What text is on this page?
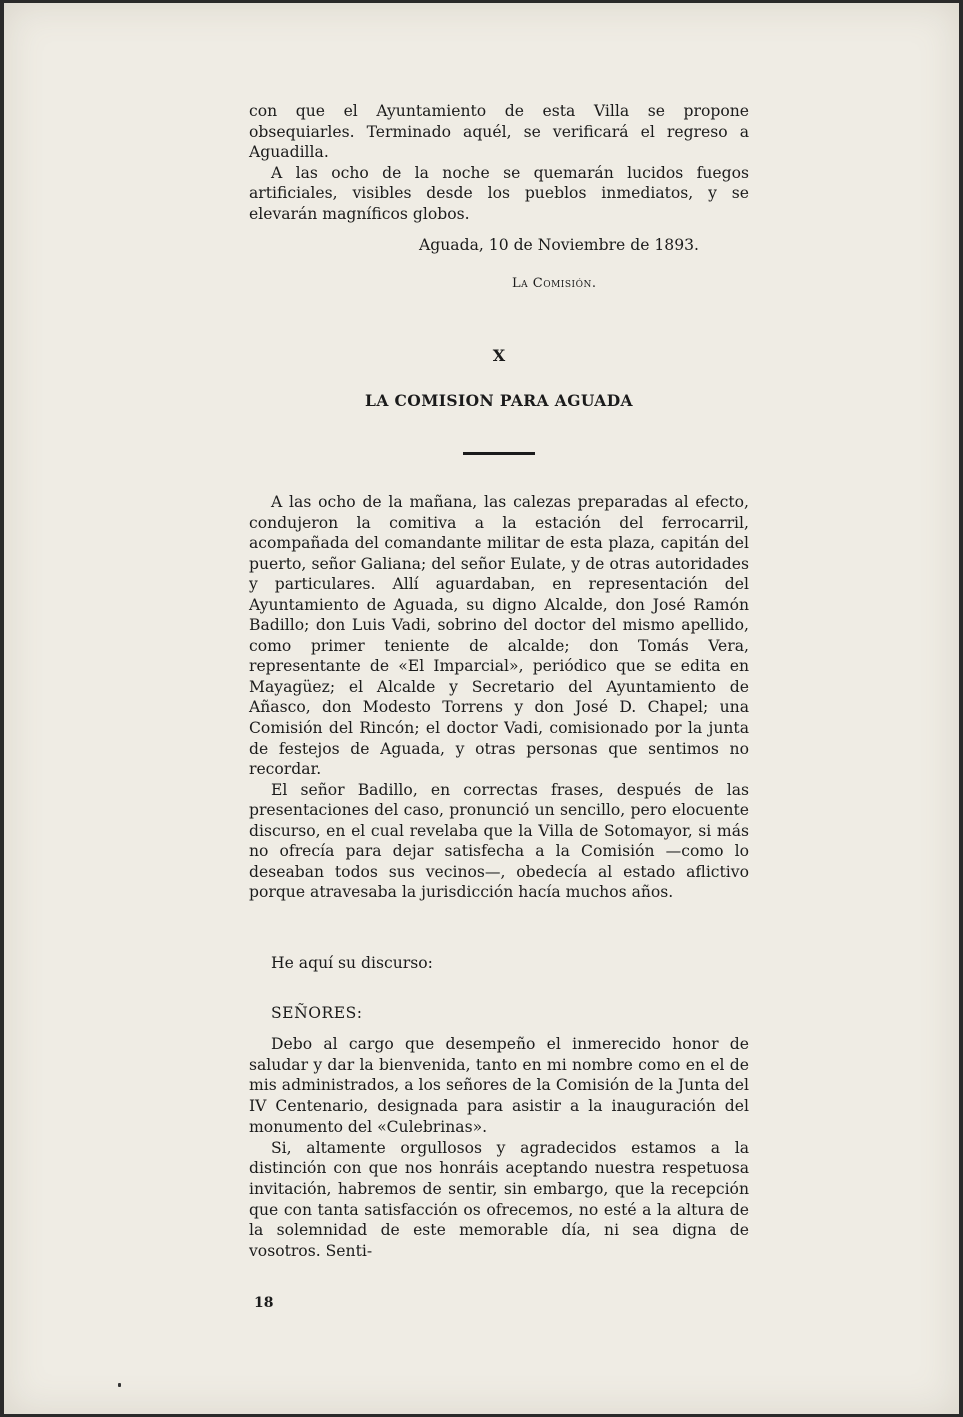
con que el Ayuntamiento de esta Villa se propone obsequiarles. Terminado aquél, se verificará el regreso a Aguadilla.

A las ocho de la noche se quemarán lucidos fuegos artificiales, visibles desde los pueblos inmediatos, y se elevarán magníficos globos.

Aguada, 10 de Noviembre de 1893.
La Comisión.
X
LA COMISION PARA AGUADA

A las ocho de la mañana, las calezas preparadas al efecto, condujeron la comitiva a la estación del ferrocarril, acompañada del comandante militar de esta plaza, capitán del puerto, señor Galiana; del señor Eulate, y de otras autoridades y particulares. Allí aguardaban, en representación del Ayuntamiento de Aguada, su digno Alcalde, don José Ramón Badillo; don Luis Vadi, sobrino del doctor del mismo apellido, como primer teniente de alcalde; don Tomás Vera, representante de «El Imparcial», periódico que se edita en Mayagüez; el Alcalde y Secretario del Ayuntamiento de Añasco, don Modesto Torrens y don José D. Chapel; una Comisión del Rincón; el doctor Vadi, comisionado por la junta de festejos de Aguada, y otras personas que sentimos no recordar.

El señor Badillo, en correctas frases, después de las presentaciones del caso, pronunció un sencillo, pero elocuente discurso, en el cual revelaba que la Villa de Sotomayor, si más no ofrecía para dejar satisfecha a la Comisión —como lo deseaban todos sus vecinos—, obedecía al estado aflictivo porque atravesaba la jurisdicción hacía muchos años.

He aquí su discurso:
SEÑORES:

Debo al cargo que desempeño el inmerecido honor de saludar y dar la bienvenida, tanto en mi nombre como en el de mis administrados, a los señores de la Comisión de la Junta del IV Centenario, designada para asistir a la inauguración del monumento del «Culebrinas».

Si, altamente orgullosos y agradecidos estamos a la distinción con que nos honráis aceptando nuestra respetuosa invitación, habremos de sentir, sin embargo, que la recepción que con tanta satisfacción os ofrecemos, no esté a la altura de la solemnidad de este memorable día, ni sea digna de vosotros. Senti-

18
